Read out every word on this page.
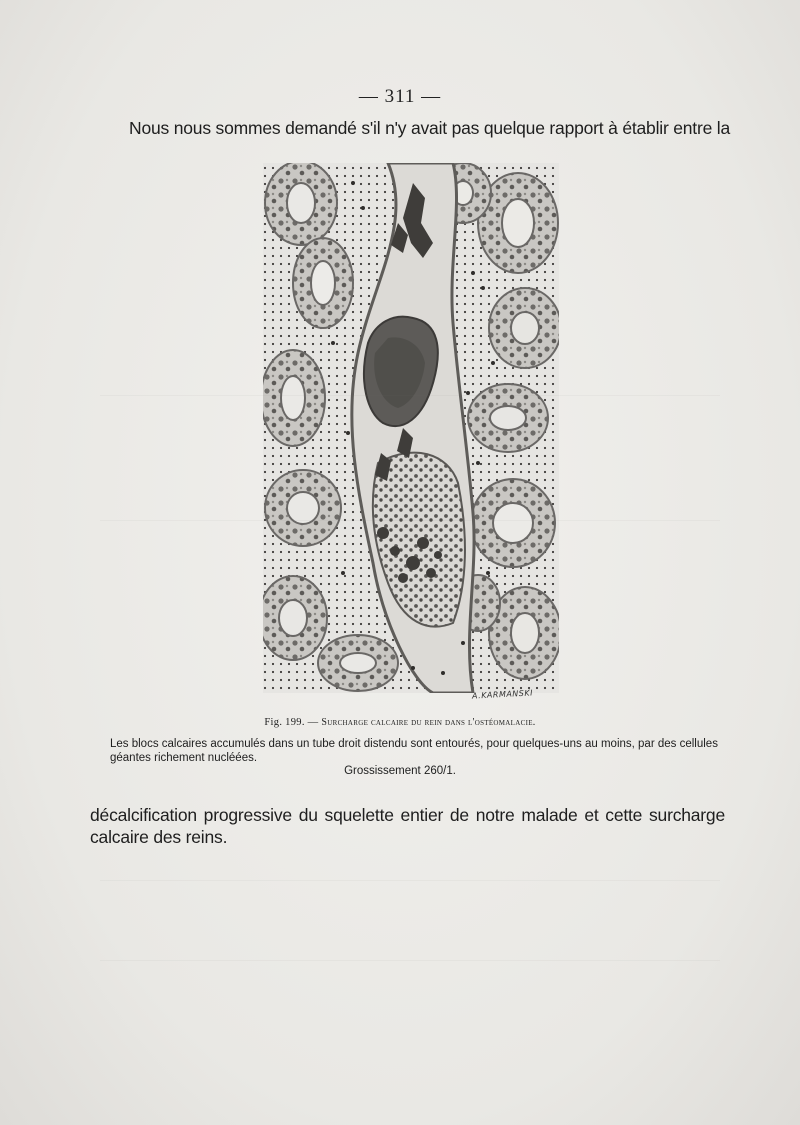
— 311 —
Nous nous sommes demandé s'il n'y avait pas quelque rapport à établir entre la
A.KARMANSKI
Fig. 199. — Surcharge calcaire du rein dans l'ostéomalacie.
Les blocs calcaires accumulés dans un tube droit distendu sont entourés, pour quelques-uns au moins, par des cellules géantes richement nucléées.
Grossissement 260/1.
décalcification progressive du squelette entier de notre malade et cette surcharge calcaire des reins.
